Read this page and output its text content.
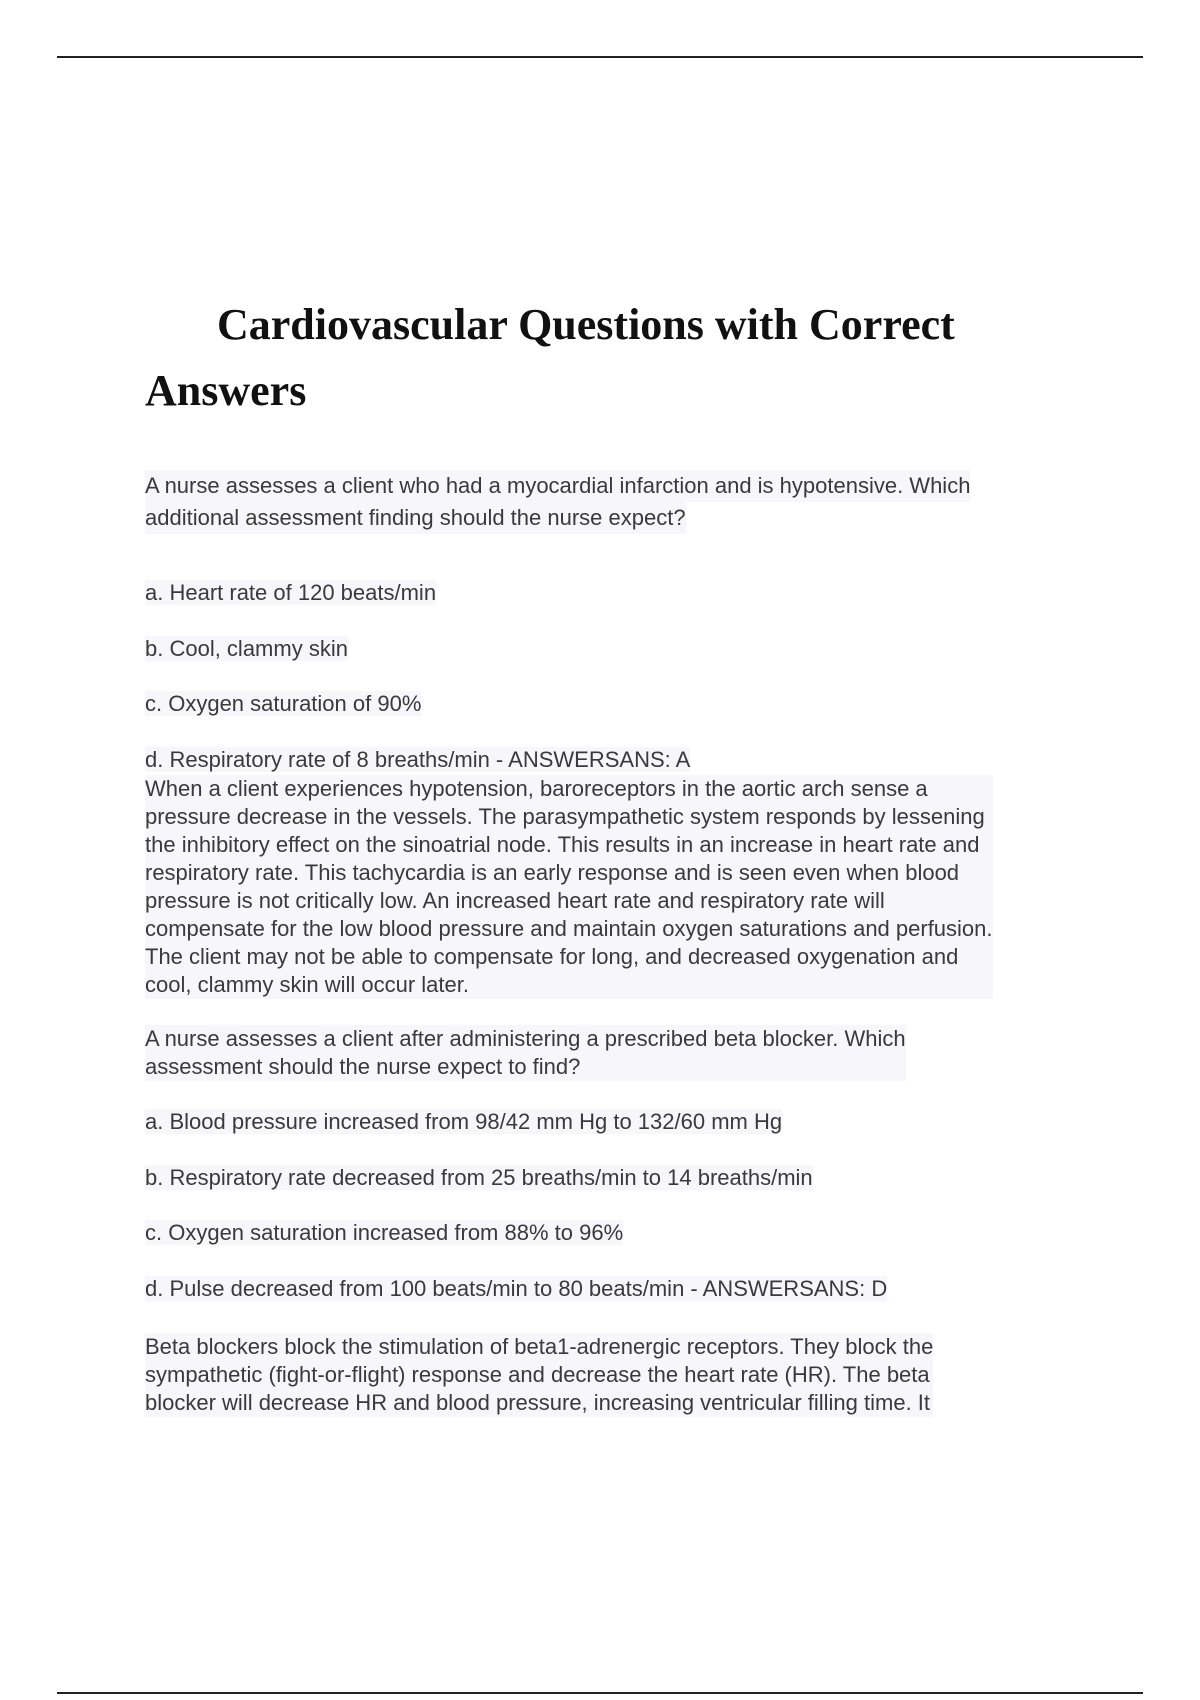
Cardiovascular Questions with Correct Answers
A nurse assesses a client who had a myocardial infarction and is hypotensive. Which
additional assessment finding should the nurse expect?

a. Heart rate of 120 beats/min

b. Cool, clammy skin

c. Oxygen saturation of 90%

d. Respiratory rate of 8 breaths/min - ANSWERSANS: A

When a client experiences hypotension, baroreceptors in the aortic arch sense a
pressure decrease in the vessels. The parasympathetic system responds by lessening
the inhibitory effect on the sinoatrial node. This results in an increase in heart rate and
respiratory rate. This tachycardia is an early response and is seen even when blood
pressure is not critically low. An increased heart rate and respiratory rate will
compensate for the low blood pressure and maintain oxygen saturations and perfusion.
The client may not be able to compensate for long, and decreased oxygenation and
cool, clammy skin will occur later.
A nurse assesses a client after administering a prescribed beta blocker. Which
assessment should the nurse expect to find?

a. Blood pressure increased from 98/42 mm Hg to 132/60 mm Hg

b. Respiratory rate decreased from 25 breaths/min to 14 breaths/min

c. Oxygen saturation increased from 88% to 96%

d. Pulse decreased from 100 beats/min to 80 beats/min - ANSWERSANS: D

Beta blockers block the stimulation of beta1-adrenergic receptors. They block the
sympathetic (fight-or-flight) response and decrease the heart rate (HR). The beta
blocker will decrease HR and blood pressure, increasing ventricular filling time. It
